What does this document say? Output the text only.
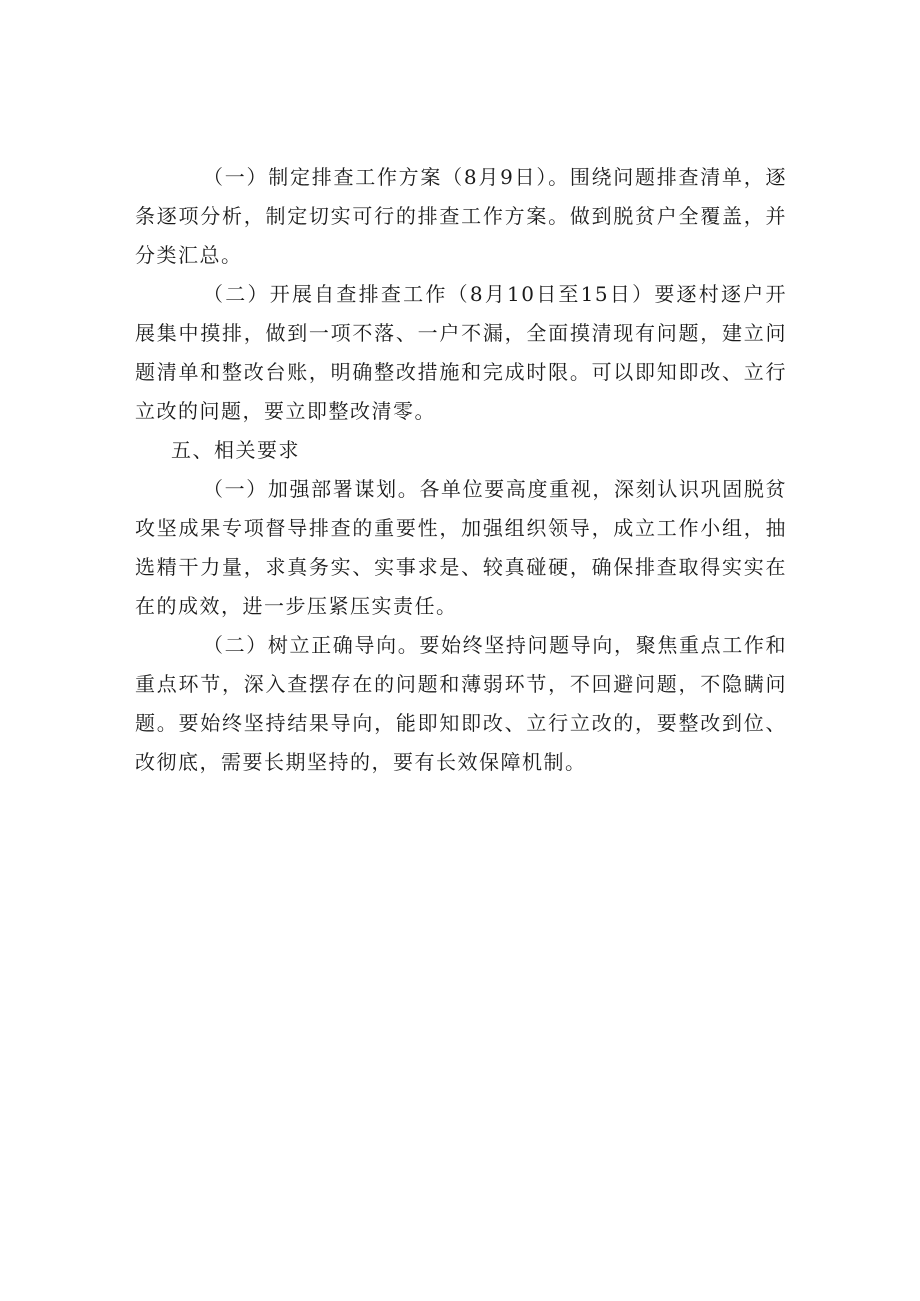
（一）制定排查工作方案（8月9日）。围绕问题排查清单，逐条逐项分析，制定切实可行的排查工作方案。做到脱贫户全覆盖，并分类汇总。

（二）开展自查排查工作（8月10日至15日）要逐村逐户开展集中摸排，做到一项不落、一户不漏，全面摸清现有问题，建立问题清单和整改台账，明确整改措施和完成时限。可以即知即改、立行立改的问题，要立即整改清零。

五、相关要求

（一）加强部署谋划。各单位要高度重视，深刻认识巩固脱贫攻坚成果专项督导排查的重要性，加强组织领导，成立工作小组，抽选精干力量，求真务实、实事求是、较真碰硬，确保排查取得实实在在的成效，进一步压紧压实责任。

（二）树立正确导向。要始终坚持问题导向，聚焦重点工作和重点环节，深入查摆存在的问题和薄弱环节，不回避问题，不隐瞒问题。要始终坚持结果导向，能即知即改、立行立改的，要整改到位、改彻底，需要长期坚持的，要有长效保障机制。
